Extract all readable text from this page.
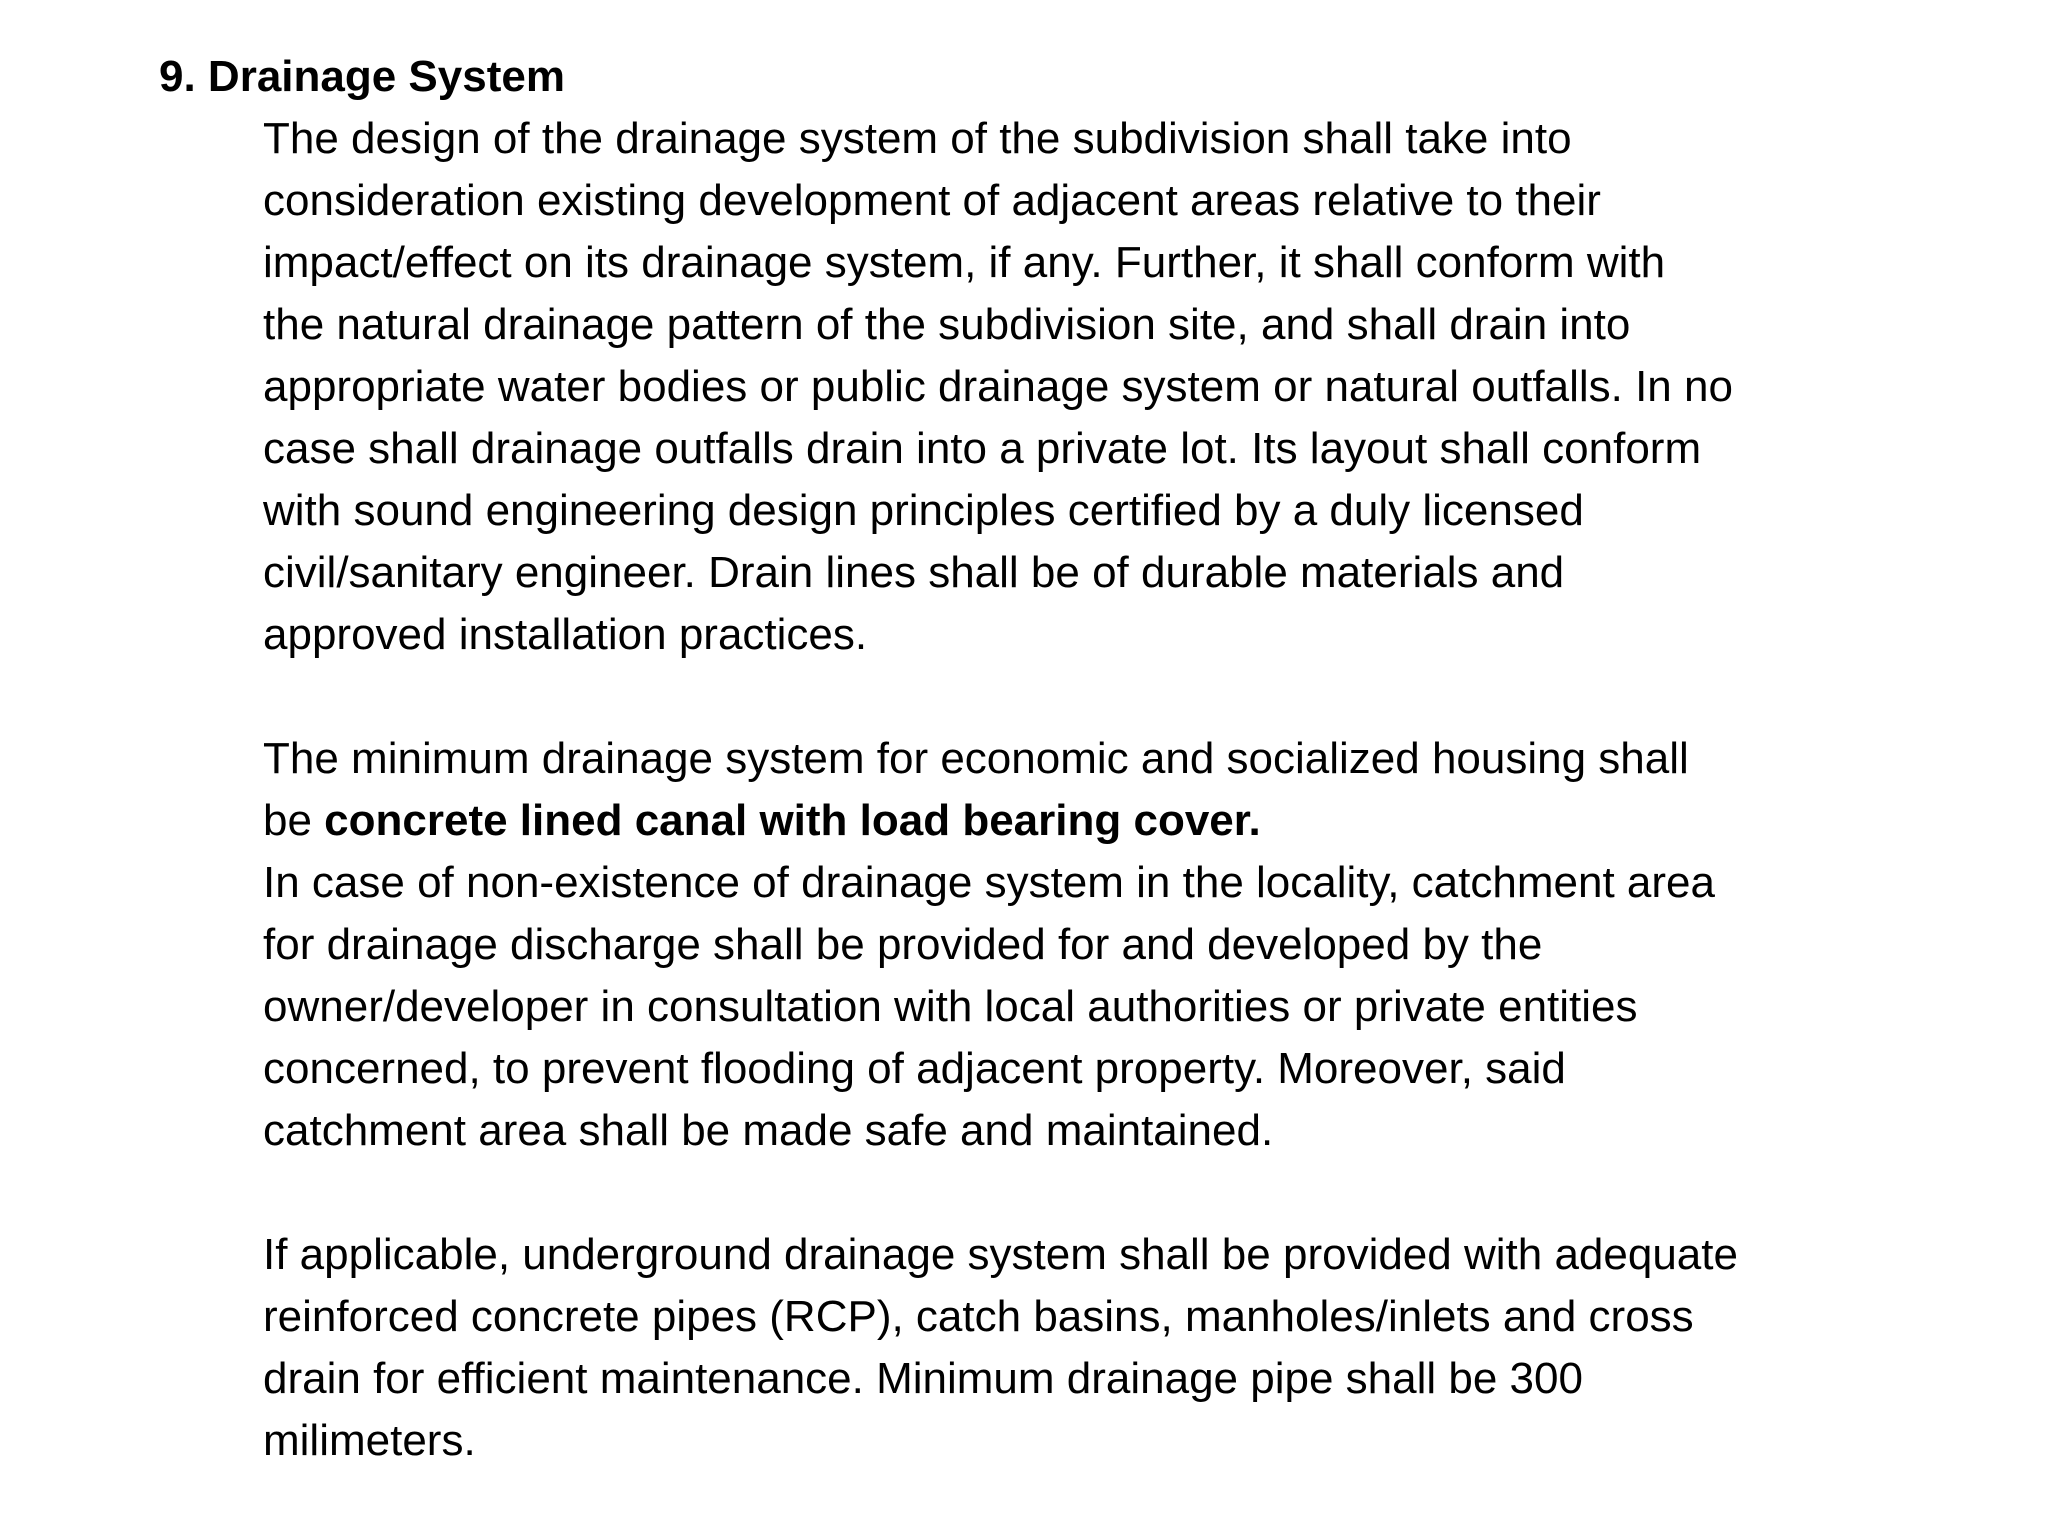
9. Drainage System
The design of the drainage system of the subdivision shall take into
consideration existing development of adjacent areas relative to their
impact/effect on its drainage system, if any. Further, it shall conform with
the natural drainage pattern of the subdivision site, and shall drain into
appropriate water bodies or public drainage system or natural outfalls. In no
case shall drainage outfalls drain into a private lot. Its layout shall conform
with sound engineering design principles certified by a duly licensed
civil/sanitary engineer. Drain lines shall be of durable materials and
approved installation practices.
The minimum drainage system for economic and socialized housing shall
be concrete lined canal with load bearing cover.
In case of non-existence of drainage system in the locality, catchment area
for drainage discharge shall be provided for and developed by the
owner/developer in consultation with local authorities or private entities
concerned, to prevent flooding of adjacent property. Moreover, said
catchment area shall be made safe and maintained.
If applicable, underground drainage system shall be provided with adequate
reinforced concrete pipes (RCP), catch basins, manholes/inlets and cross
drain for efficient maintenance. Minimum drainage pipe shall be 300
milimeters.
